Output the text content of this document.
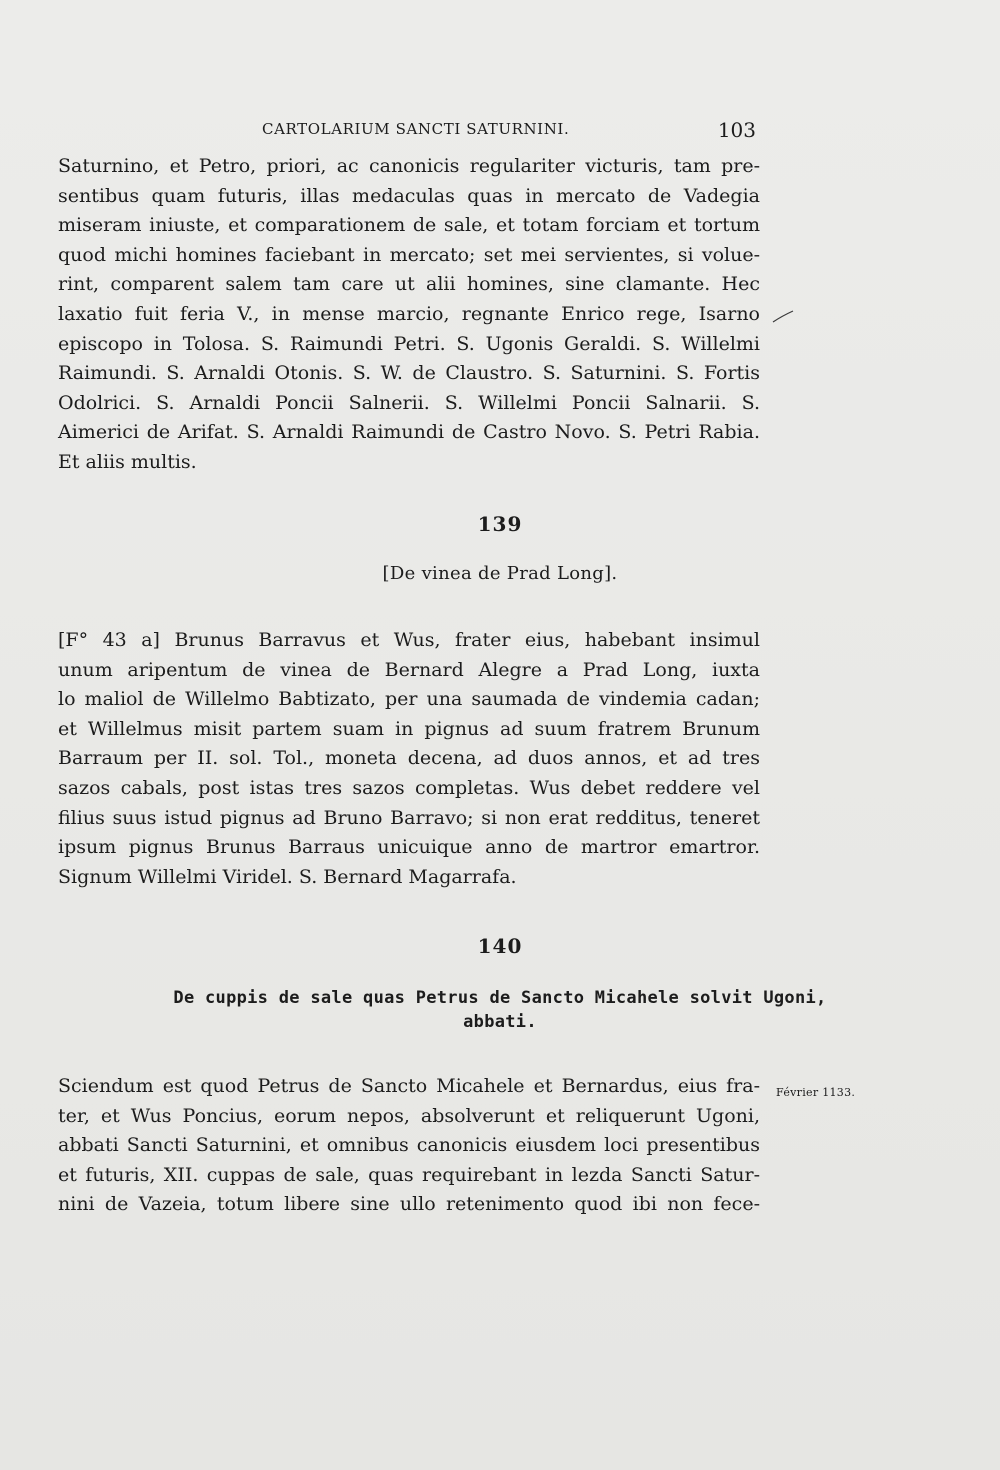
CARTOLARIUM SANCTI SATURNINI.	103
Saturnino, et Petro, priori, ac canonicis regulariter victuris, tam pre-
sentibus quam futuris, illas medaculas quas in mercato de Vadegia
miseram iniuste, et comparationem de sale, et totam forciam et tortum
quod michi homines faciebant in mercato; set mei servientes, si volue-
rint, comparent salem tam care ut alii homines, sine clamante. Hec
laxatio fuit feria V., in mense marcio, regnante Enrico rege, Isarno
episcopo in Tolosa. S. Raimundi Petri. S. Ugonis Geraldi. S. Willelmi
Raimundi. S. Arnaldi Otonis. S. W. de Claustro. S. Saturnini. S. Fortis
Odolrici. S. Arnaldi Poncii Salnerii. S. Willelmi Poncii Salnarii. S.
Aimerici de Arifat. S. Arnaldi Raimundi de Castro Novo. S. Petri Rabia.
Et aliis multis.
139
[De vinea de Prad Long].
[F° 43 a] Brunus Barravus et Wus, frater eius, habebant insimul
unum aripentum de vinea de Bernard Alegre a Prad Long, iuxta
lo maliol de Willelmo Babtizato, per una saumada de vindemia cadan;
et Willelmus misit partem suam in pignus ad suum fratrem Brunum
Barraum per II. sol. Tol., moneta decena, ad duos annos, et ad tres
sazos cabals, post istas tres sazos completas. Wus debet reddere vel
filius suus istud pignus ad Bruno Barravo; si non erat redditus, teneret
ipsum pignus Brunus Barraus unicuique anno de martror emartror.
Signum Willelmi Viridel. S. Bernard Magarrafa.
140
De cuppis de sale quas Petrus de Sancto Micahele solvit Ugoni,
abbati.
Février 1133.
Sciendum est quod Petrus de Sancto Micahele et Bernardus, eius fra-
ter, et Wus Poncius, eorum nepos, absolverunt et reliquerunt Ugoni,
abbati Sancti Saturnini, et omnibus canonicis eiusdem loci presentibus
et futuris, XII. cuppas de sale, quas requirebant in lezda Sancti Satur-
nini de Vazeia, totum libere sine ullo retenimento quod ibi non fece-
